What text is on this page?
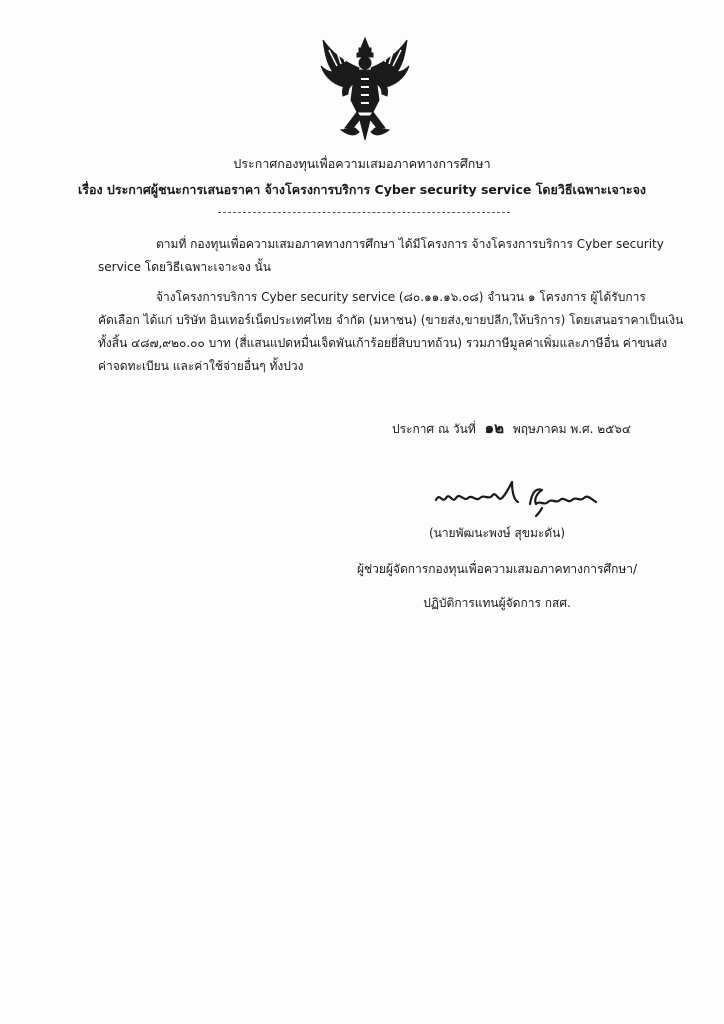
ประกาศกองทุนเพื่อความเสมอภาคทางการศึกษา
เรื่อง ประกาศผู้ชนะการเสนอราคา จ้างโครงการบริการ Cyber security service โดยวิธีเฉพาะเจาะจง
ตามที่ กองทุนเพื่อความเสมอภาคทางการศึกษา ได้มีโครงการ จ้างโครงการบริการ Cyber security
service โดยวิธีเฉพาะเจาะจง นั้น
จ้างโครงการบริการ Cyber security service (๘๐.๑๑.๑๖.๐๘) จำนวน ๑ โครงการ ผู้ได้รับการ
คัดเลือก ได้แก่ บริษัท อินเทอร์เน็ตประเทศไทย จำกัด (มหาชน) (ขายส่ง,ขายปลีก,ให้บริการ) โดยเสนอราคาเป็นเงิน
ทั้งสิ้น ๔๘๗,๙๒๐.๐๐ บาท (สี่แสนแปดหมื่นเจ็ดพันเก้าร้อยยี่สิบบาทถ้วน) รวมภาษีมูลค่าเพิ่มและภาษีอื่น ค่าขนส่ง
ค่าจดทะเบียน และค่าใช้จ่ายอื่นๆ ทั้งปวง
ประกาศ ณ วันที่ ๑๒ พฤษภาคม พ.ศ. ๒๕๖๔
(นายพัฒนะพงษ์ สุขมะดัน)
ผู้ช่วยผู้จัดการกองทุนเพื่อความเสมอภาคทางการศึกษา/
ปฏิบัติการแทนผู้จัดการ กสศ.
